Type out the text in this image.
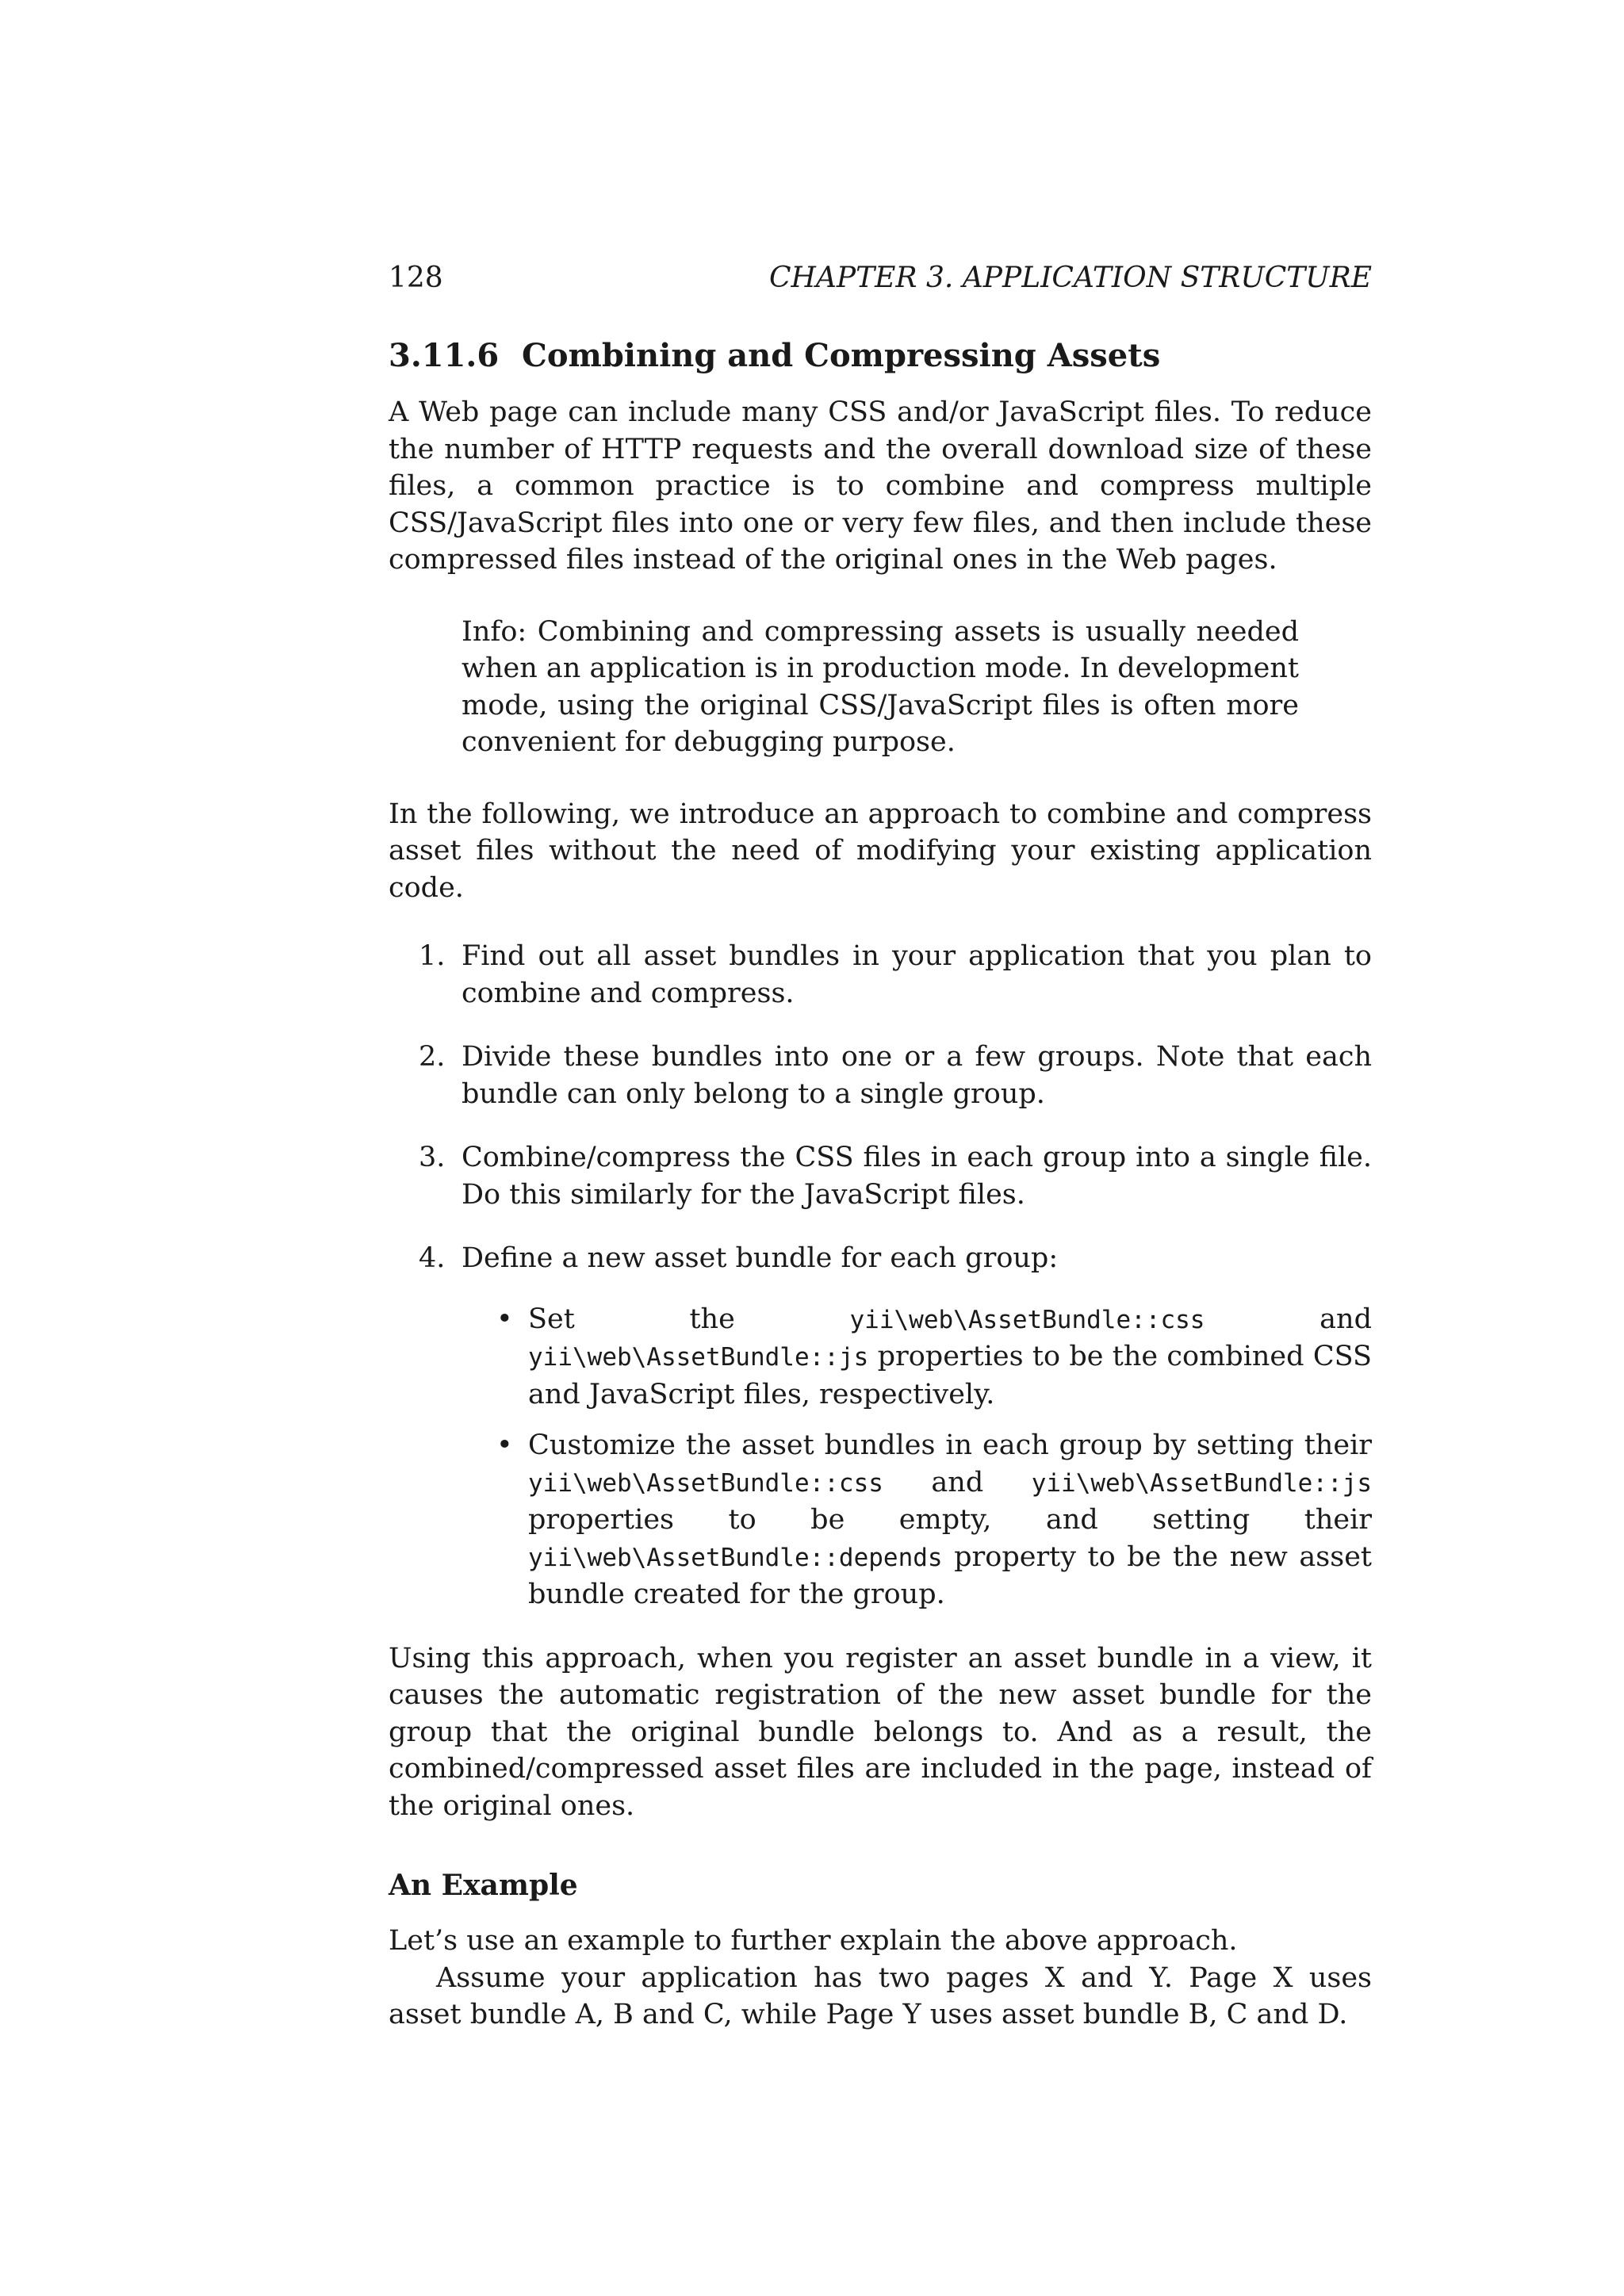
128	CHAPTER 3. APPLICATION STRUCTURE
3.11.6 Combining and Compressing Assets

A Web page can include many CSS and/or JavaScript files. To reduce the number of HTTP requests and the overall download size of these files, a common practice is to combine and compress multiple CSS/JavaScript files into one or very few files, and then include these compressed files instead of the original ones in the Web pages.

Info: Combining and compressing assets is usually needed when an application is in production mode. In development mode, using the original CSS/JavaScript files is often more convenient for debugging purpose.

In the following, we introduce an approach to combine and compress asset files without the need of modifying your existing application code.

1. Find out all asset bundles in your application that you plan to combine and compress.

2. Divide these bundles into one or a few groups. Note that each bundle can only belong to a single group.

3. Combine/compress the CSS files in each group into a single file. Do this similarly for the JavaScript files.

4. Define a new asset bundle for each group:

• Set the yii\web\AssetBundle::css and yii\web\AssetBundle::js properties to be the combined CSS and JavaScript files, respectively.

• Customize the asset bundles in each group by setting their yii\web\AssetBundle::css and yii\web\AssetBundle::js properties to be empty, and setting their yii\web\AssetBundle::depends property to be the new asset bundle created for the group.

Using this approach, when you register an asset bundle in a view, it causes the automatic registration of the new asset bundle for the group that the original bundle belongs to. And as a result, the combined/compressed asset files are included in the page, instead of the original ones.

An Example

Let’s use an example to further explain the above approach.

Assume your application has two pages X and Y. Page X uses asset bundle A, B and C, while Page Y uses asset bundle B, C and D.
